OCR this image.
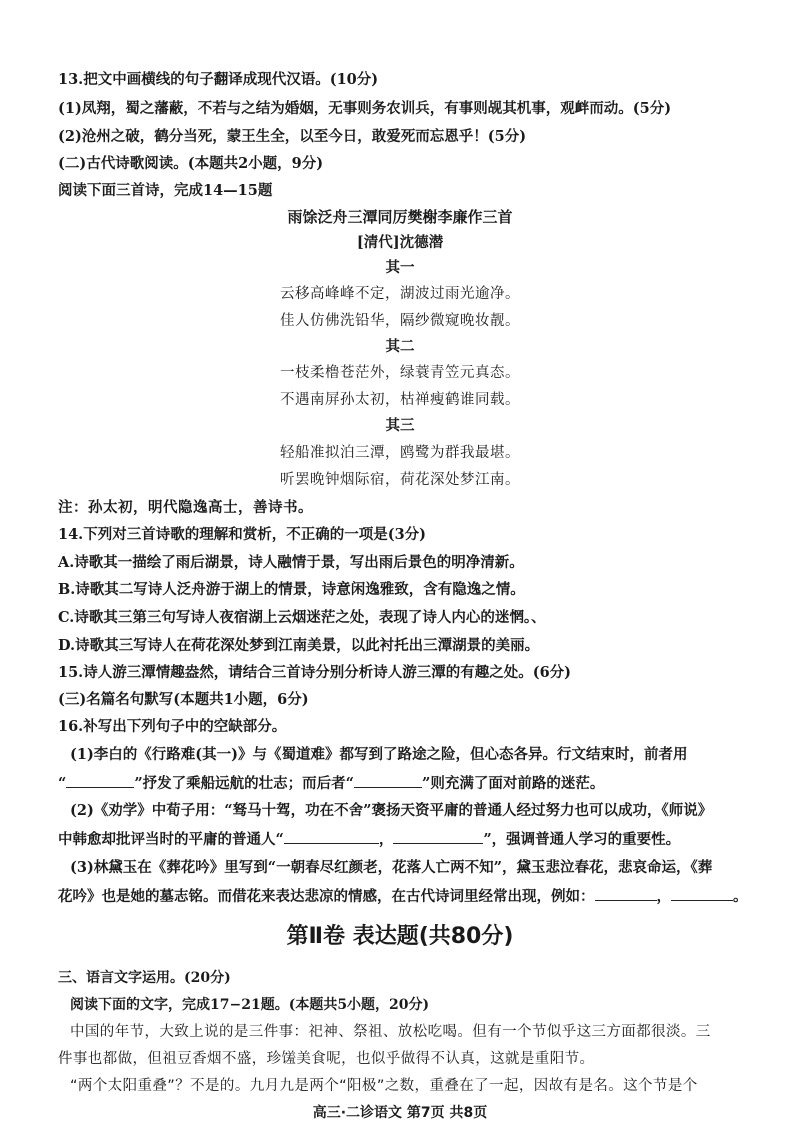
13.把文中画横线的句子翻译成现代汉语。(10分)
(1)凤翔，蜀之藩蔽，不若与之结为婚姻，无事则务农训兵，有事则觇其机事，观衅而动。(5分)
(2)沧州之破，鹤分当死，蒙王生全，以至今日，敢爱死而忘恩乎！(5分)
(二)古代诗歌阅读。(本题共2小题，9分)
阅读下面三首诗，完成14—15题
雨馀泛舟三潭同厉樊榭李廉作三首
[清代]沈德潜
其一
云移高峰峰不定，湖波过雨光逾净。
佳人仿佛洗铅华，隔纱微窥晚妆靓。
其二
一枝柔橹苍茫外，绿蓑青笠元真态。
不遇南屏孙太初，枯禅瘦鹤谁同载。
其三
轻船准拟泊三潭，鸥鹭为群我最堪。
听罢晚钟烟际宿，荷花深处梦江南。
注：孙太初，明代隐逸高士，善诗书。
14.下列对三首诗歌的理解和赏析，不正确的一项是(3分)
A.诗歌其一描绘了雨后湖景，诗人融情于景，写出雨后景色的明净清新。
B.诗歌其二写诗人泛舟游于湖上的情景，诗意闲逸雅致，含有隐逸之情。
C.诗歌其三第三句写诗人夜宿湖上云烟迷茫之处，表现了诗人内心的迷惘。、
D.诗歌其三写诗人在荷花深处梦到江南美景，以此衬托出三潭湖景的美丽。
15.诗人游三潭情趣盎然，请结合三首诗分别分析诗人游三潭的有趣之处。(6分)
(三)名篇名句默写(本题共1小题，6分)
16.补写出下列句子中的空缺部分。
(1)李白的《行路难(其一)》与《蜀道难》都写到了路途之险，但心态各异。行文结束时，前者用
“	”抒发了乘船远航的壮志；而后者“	”则充满了面对前路的迷茫。
(2)《劝学》中荀子用：“驽马十驾，功在不舍”褒扬天资平庸的普通人经过努力也可以成功，《师说》
中韩愈却批评当时的平庸的普通人“	，	”，强调普通人学习的重要性。
(3)林黛玉在《葬花吟》里写到“一朝春尽红颜老，花落人亡两不知”，黛玉悲泣春花，悲哀命运，《葬
花吟》也是她的墓志铭。而借花来表达悲凉的情感，在古代诗词里经常出现，例如：	，	。
第Ⅱ卷 表达题(共80分)
三、语言文字运用。(20分)
阅读下面的文字，完成17−21题。(本题共5小题，20分)
中国的年节，大致上说的是三件事：祀神、祭祖、放松吃喝。但有一个节似乎这三方面都很淡。三
件事也都做，但祖豆香烟不盛，珍馐美食呢，也似乎做得不认真，这就是重阳节。
“两个太阳重叠”？不是的。九月九是两个“阳极”之数，重叠在了一起，因故有是名。这个节是个
高三·二诊语文 第7页 共8页
